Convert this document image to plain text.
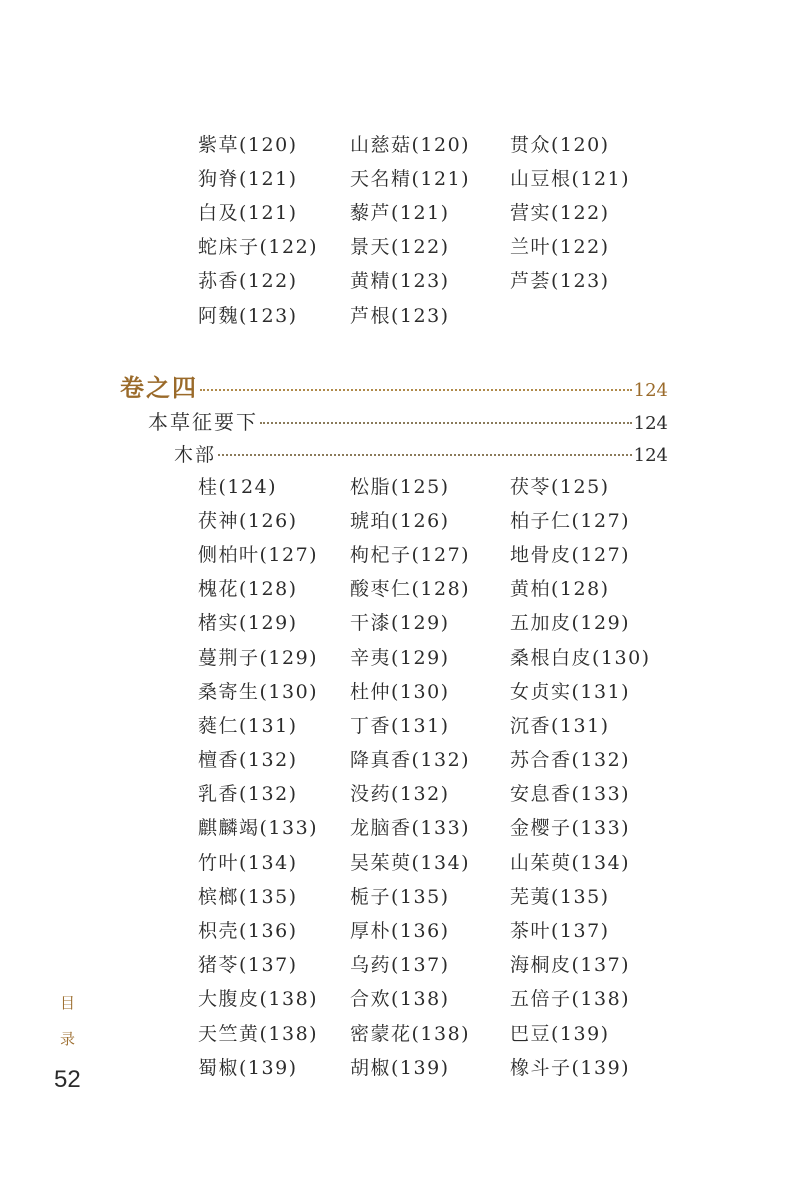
紫草(120)	山慈菇(120)	贯众(120)
狗脊(121)	天名精(121)	山豆根(121)
白及(121)	藜芦(121)	营实(122)
蛇床子(122)	景天(122)	兰叶(122)
荪香(122)	黄精(123)	芦荟(123)
阿魏(123)	芦根(123)
卷之四	124
本草征要下	124
木部	124
桂(124)	松脂(125)	茯苓(125)
茯神(126)	琥珀(126)	柏子仁(127)
侧柏叶(127)	枸杞子(127)	地骨皮(127)
槐花(128)	酸枣仁(128)	黄柏(128)
楮实(129)	干漆(129)	五加皮(129)
蔓荆子(129)	辛夷(129)	桑根白皮(130)
桑寄生(130)	杜仲(130)	女贞实(131)
蕤仁(131)	丁香(131)	沉香(131)
檀香(132)	降真香(132)	苏合香(132)
乳香(132)	没药(132)	安息香(133)
麒麟竭(133)	龙脑香(133)	金樱子(133)
竹叶(134)	吴茱萸(134)	山茱萸(134)
槟榔(135)	栀子(135)	芜荑(135)
枳壳(136)	厚朴(136)	茶叶(137)
猪苓(137)	乌药(137)	海桐皮(137)
大腹皮(138)	合欢(138)	五倍子(138)
天竺黄(138)	密蒙花(138)	巴豆(139)
蜀椒(139)	胡椒(139)	橡斗子(139)
目
录
52
